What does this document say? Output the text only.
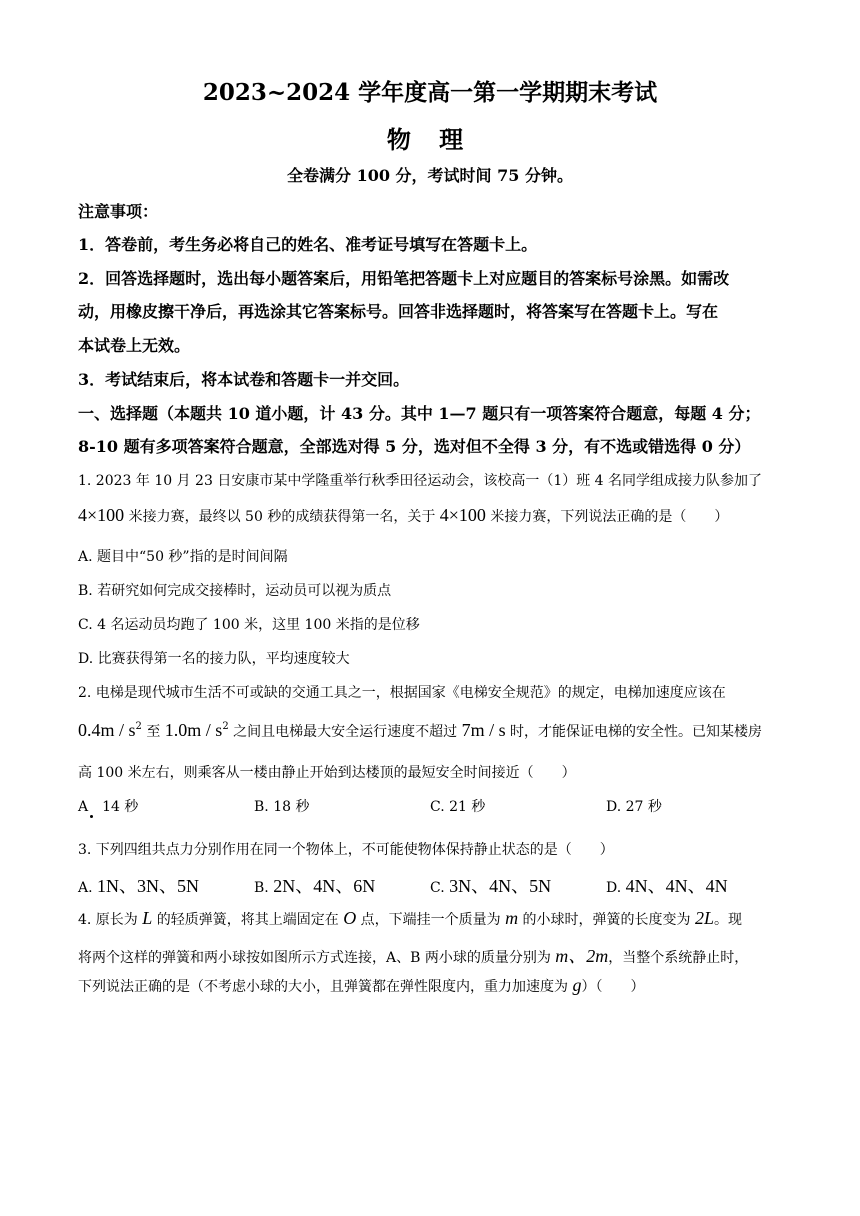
2023~2024 学年度高一第一学期期末考试
物 理
全卷满分 100 分，考试时间 75 分钟。
注意事项：
1．答卷前，考生务必将自己的姓名、准考证号填写在答题卡上。
2．回答选择题时，选出每小题答案后，用铅笔把答题卡上对应题目的答案标号涂黑。如需改
动，用橡皮擦干净后，再选涂其它答案标号。回答非选择题时，将答案写在答题卡上。写在
本试卷上无效。
3．考试结束后，将本试卷和答题卡一并交回。
一、选择题（本题共 10 道小题，计 43 分。其中 1—7 题只有一项答案符合题意，每题 4 分；
8-10 题有多项答案符合题意，全部选对得 5 分，选对但不全得 3 分，有不选或错选得 0 分）
1. 2023 年 10 月 23 日安康市某中学隆重举行秋季田径运动会，该校高一（1）班 4 名同学组成接力队参加了
4×100 米接力赛，最终以 50 秒的成绩获得第一名，关于 4×100 米接力赛，下列说法正确的是（　　）
A. 题目中“50 秒”指的是时间间隔
B. 若研究如何完成交接棒时，运动员可以视为质点
C. 4 名运动员均跑了 100 米，这里 100 米指的是位移
D. 比赛获得第一名的接力队，平均速度较大
2. 电梯是现代城市生活不可或缺的交通工具之一，根据国家《电梯安全规范》的规定，电梯加速度应该在
$0.4m / s^2$ 至 $1.0m / s^2$ 之间且电梯最大安全运行速度不超过 7m / s 时，才能保证电梯的安全性。已知某楼房
高 100 米左右，则乘客从一楼由静止开始到达楼顶的最短安全时间接近（　　）
A　14 秒	B. 18 秒	C. 21 秒	D. 27 秒
3. 下列四组共点力分别作用在同一个物体上，不可能使物体保持静止状态的是（　　）
A. 1N、3N、5N	B. 2N、4N、6N	C. 3N、4N、5N	D. 4N、4N、4N
4. 原长为 L 的轻质弹簧，将其上端固定在 O 点，下端挂一个质量为 m 的小球时，弹簧的长度变为 2L。现
将两个这样的弹簧和两小球按如图所示方式连接，A、B 两小球的质量分别为 m、2m，当整个系统静止时，
下列说法正确的是（不考虑小球的大小，且弹簧都在弹性限度内，重力加速度为 g）（　　）
